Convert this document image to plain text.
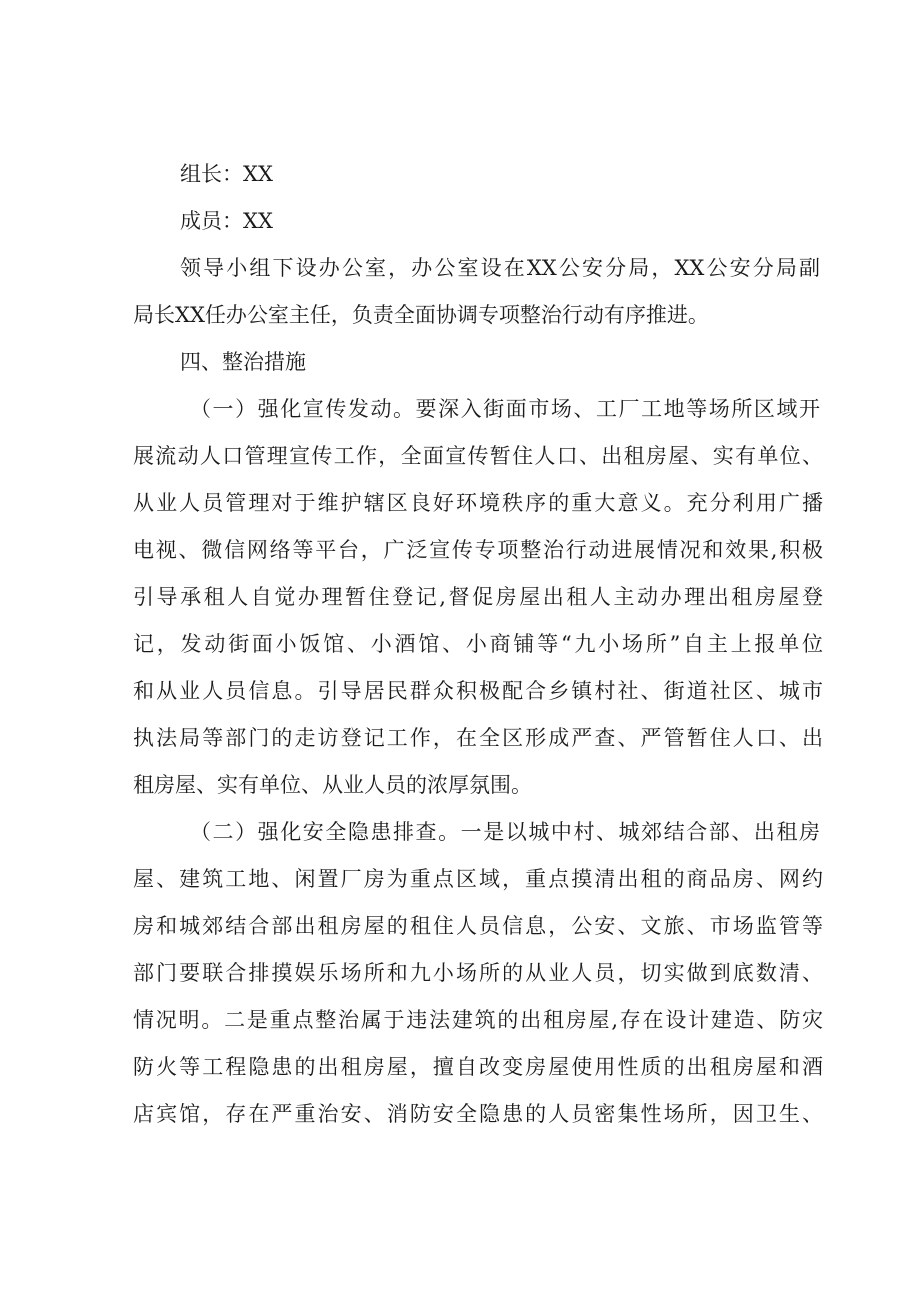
组长：XX
成员：XX
领导小组下设办公室，办公室设在XX公安分局，XX公安分局副
局长XX任办公室主任，负责全面协调专项整治行动有序推进。
四、整治措施
（一）强化宣传发动。要深入街面市场、工厂工地等场所区域开
展流动人口管理宣传工作，全面宣传暂住人口、出租房屋、实有单位、
从业人员管理对于维护辖区良好环境秩序的重大意义。充分利用广播
电视、微信网络等平台，广泛宣传专项整治行动进展情况和效果,积极
引导承租人自觉办理暂住登记,督促房屋出租人主动办理出租房屋登
记，发动街面小饭馆、小酒馆、小商铺等“九小场所”自主上报单位
和从业人员信息。引导居民群众积极配合乡镇村社、街道社区、城市
执法局等部门的走访登记工作，在全区形成严查、严管暂住人口、出
租房屋、实有单位、从业人员的浓厚氛围。
（二）强化安全隐患排查。一是以城中村、城郊结合部、出租房
屋、建筑工地、闲置厂房为重点区域，重点摸清出租的商品房、网约
房和城郊结合部出租房屋的租住人员信息，公安、文旅、市场监管等
部门要联合排摸娱乐场所和九小场所的从业人员，切实做到底数清、
情况明。二是重点整治属于违法建筑的出租房屋,存在设计建造、防灾
防火等工程隐患的出租房屋，擅自改变房屋使用性质的出租房屋和酒
店宾馆，存在严重治安、消防安全隐患的人员密集性场所，因卫生、
